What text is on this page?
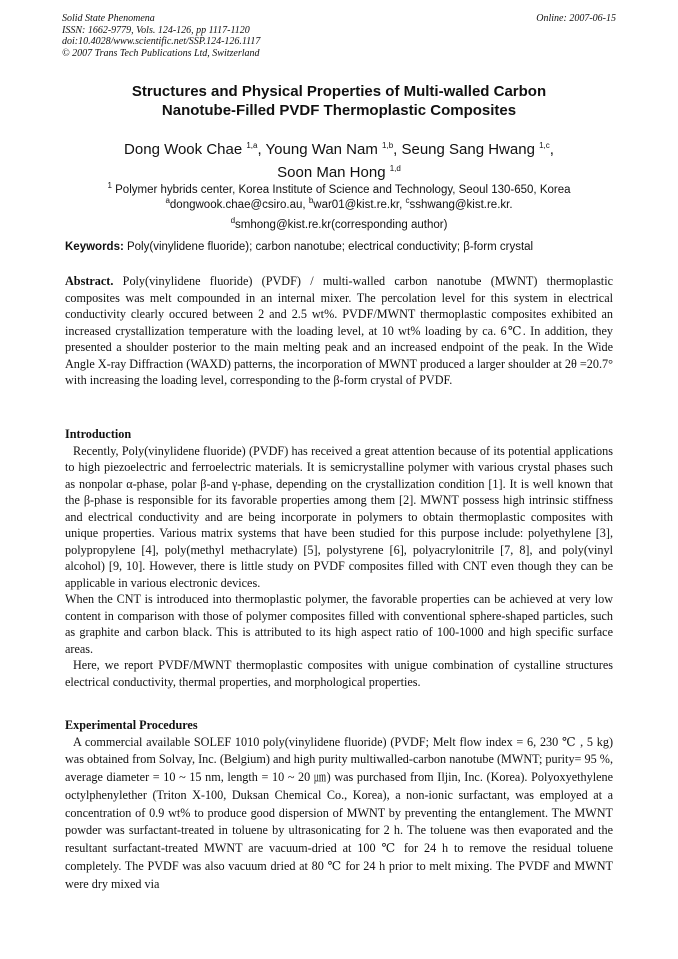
Solid State Phenomena
ISSN: 1662-9779, Vols. 124-126, pp 1117-1120
doi:10.4028/www.scientific.net/SSP.124-126.1117
© 2007 Trans Tech Publications Ltd, Switzerland
Online: 2007-06-15
Structures and Physical Properties of Multi-walled Carbon
Nanotube-Filled PVDF Thermoplastic Composites
Dong Wook Chae $^{1,a}$, Young Wan Nam $^{1,b}$, Seung Sang Hwang $^{1,c}$,
Soon Man Hong $^{1,d}$
$^1$ Polymer hybrids center, Korea Institute of Science and Technology, Seoul 130-650, Korea
$^a$dongwook.chae@csiro.au, $^b$war01@kist.re.kr, $^c$sshwang@kist.re.kr.
$^d$smhong@kist.re.kr(corresponding author)
Keywords: Poly(vinylidene fluoride); carbon nanotube; electrical conductivity; β-form crystal

Abstract. Poly(vinylidene fluoride) (PVDF) / multi-walled carbon nanotube (MWNT) thermoplastic composites was melt compounded in an internal mixer. The percolation level for this system in electrical conductivity clearly occured between 2 and 2.5 wt%. PVDF/MWNT thermoplastic composites exhibited an increased crystallization temperature with the loading level, at 10 wt% loading by ca. 6℃. In addition, they presented a shoulder posterior to the main melting peak and an increased endpoint of the peak. In the Wide Angle X-ray Diffraction (WAXD) patterns, the incorporation of MWNT produced a larger shoulder at 2θ =20.7° with increasing the loading level, corresponding to the β-form crystal of PVDF.

Introduction

Recently, Poly(vinylidene fluoride) (PVDF) has received a great attention because of its potential applications to high piezoelectric and ferroelectric materials. It is semicrystalline polymer with various crystal phases such as nonpolar α-phase, polar β-and γ-phase, depending on the crystallization condition [1]. It is well known that the β-phase is responsible for its favorable properties among them [2]. MWNT possess high intrinsic stiffness and electrical conductivity and are being incorporate in polymers to obtain thermoplastic composites with unique properties. Various matrix systems that have been studied for this purpose include: polyethylene [3], polypropylene [4], poly(methyl methacrylate) [5], polystyrene [6], polyacrylonitrile [7, 8], and poly(vinyl alcohol) [9, 10]. However, there is little study on PVDF composites filled with CNT even though they can be applicable in various electronic devices.

When the CNT is introduced into thermoplastic polymer, the favorable properties can be achieved at very low content in comparison with those of polymer composites filled with conventional sphere-shaped particles, such as graphite and carbon black. This is attributed to its high aspect ratio of 100-1000 and high specific surface areas.

Here, we report PVDF/MWNT thermoplastic composites with unigue combination of cystalline structures electrical conductivity, thermal properties, and morphological properties.

Experimental Procedures

A commercial available SOLEF 1010 poly(vinylidene fluoride) (PVDF; Melt flow index = 6, 230 ℃ , 5 kg) was obtained from Solvay, Inc. (Belgium) and high purity multiwalled-carbon nanotube (MWNT; purity= 95 %, average diameter = 10 ~ 15 nm, length = 10 ~ 20 ㎛) was purchased from Iljin, Inc. (Korea). Polyoxyethylene octylphenylether (Triton X-100, Duksan Chemical Co., Korea), a non-ionic surfactant, was employed at a concentration of 0.9 wt% to produce good dispersion of MWNT by preventing the entanglement. The MWNT powder was surfactant-treated in toluene by ultrasonicating for 2 h. The toluene was then evaporated and the resultant surfactant-treated MWNT are vacuum-dried at 100 ℃ for 24 h to remove the residual toluene completely. The PVDF was also vacuum dried at 80 ℃ for 24 h prior to melt mixing. The PVDF and MWNT were dry mixed via
